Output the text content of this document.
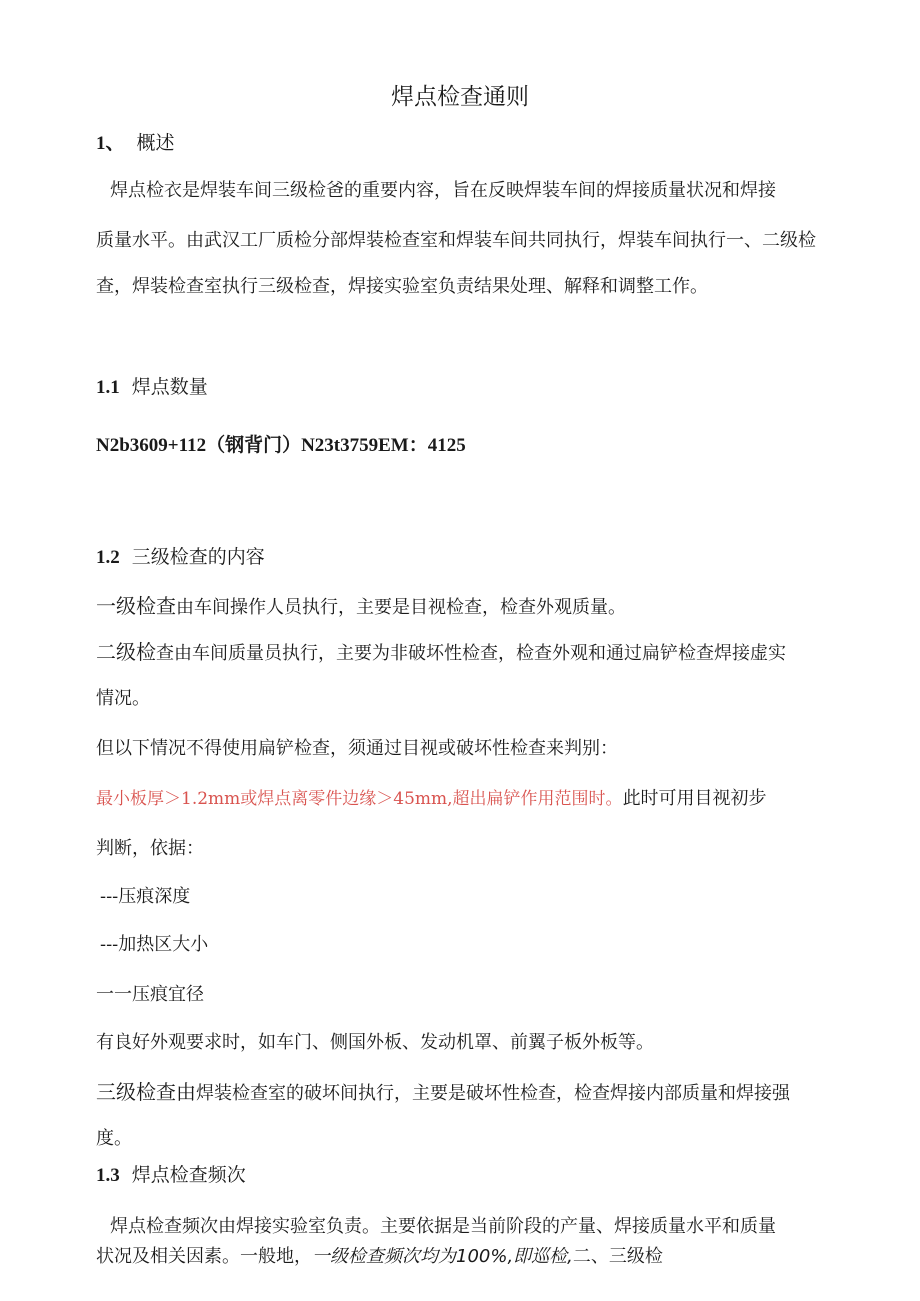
焊点检查通则
1、 概述
焊点检衣是焊装车间三级检爸的重要内容，旨在反映焊装车间的焊接质量状况和焊接
质量水平。由武汉工厂质检分部焊装检查室和焊装车间共同执行，焊装车间执行一、二级检
查，焊装检查室执行三级检查，焊接实验室负责结果处理、解释和调整工作。
1.1 焊点数量
N2b3609+112（钢背门）N23t3759EM：4125
1.2 三级检查的内容
一级检查由车间操作人员执行，主要是目视检查，检查外观质量。
二级检查由车间质量员执行，主要为非破坏性检查，检查外观和通过扁铲检查焊接虚实
情况。
但以下情况不得使用扁铲检查，须通过目视或破坏性检查来判别：
最小板厚＞1.2mm或焊点离零件边缘＞45mm,超出扁铲作用范围时。此时可用目视初步
判断，依据：
---压痕深度
---加热区大小
一一压痕宜径
有良好外观要求时，如车门、侧国外板、发动机罩、前翼子板外板等。
三级检查由焊装检查室的破坏间执行，主要是破坏性检查，检查焊接内部质量和焊接强
度。
1.3 焊点检查频次
焊点检查频次由焊接实验室负责。主要依据是当前阶段的产量、焊接质量水平和质量
状况及相关因素。一般地，一级检查频次均为100%,即巡检,二、三级检
